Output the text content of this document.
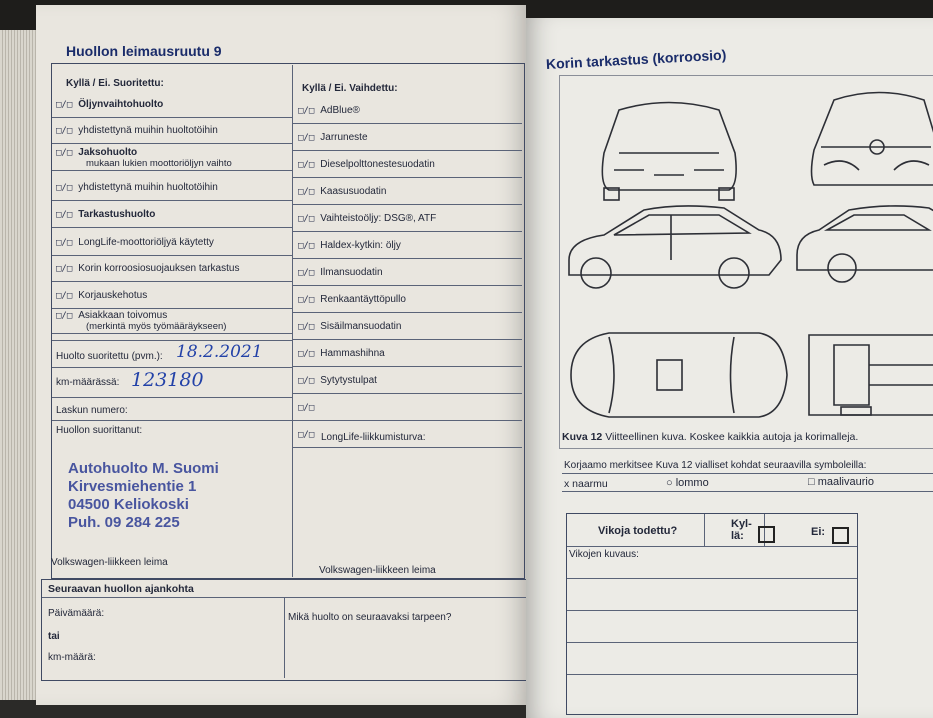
Huollon leimausruutu 9
Kyllä / Ei. Suoritettu:	Kyllä / Ei. Vaihdettu:
□/□ Öljynvaihtohuolto
□/□ yhdistettynä muihin huoltotöihin
□/□ Jaksohuolto
mukaan lukien moottoriöljyn vaihto
□/□ yhdistettynä muihin huoltotöihin
□/□ Tarkastushuolto
□/□ LongLife-moottoriöljyä käytetty
□/□ Korin korroosiosuojauksen tarkastus
□/□ Korjauskehotus
□/□ Asiakkaan toivomus
(merkintä myös työmääräykseen)
□/□ AdBlue®
□/□ Jarruneste
□/□ Dieselpolttonestesuodatin
□/□ Kaasusuodatin
□/□ Vaihteistoöljy: DSG®, ATF
□/□ Haldex-kytkin: öljy
□/□ Ilmansuodatin
□/□ Renkaantäyttöpullo
□/□ Sisäilmansuodatin
□/□ Hammashihna
□/□ Sytytystulpat
□/□
□/□
Huolto suoritettu (pvm.): 18.2.2021
km-määrässä: 123180
Laskun numero:
Huollon suorittanut:
LongLife-liikkumisturva:
Autohuolto M. Suomi
Kirvesmiehentie 1
04500 Keliokoski
Puh. 09 284 225
Volkswagen-liikkeen leima
Volkswagen-liikkeen leima
Seuraavan huollon ajankohta
Päivämäärä:
tai
km-määrä:
Mikä huolto on seuraavaksi tarpeen?
Korin tarkastus (korroosio)
Kuva 12 Viitteellinen kuva. Koskee kaikkia autoja ja korimalleja.
Korjaamo merkitsee Kuva 12 vialliset kohdat seuraavilla symboleilla:
x naarmu	○ lommo	□ maalivaurio
Vikoja todettu?
Kyl-
lä:	Ei:
Vikojen kuvaus:
